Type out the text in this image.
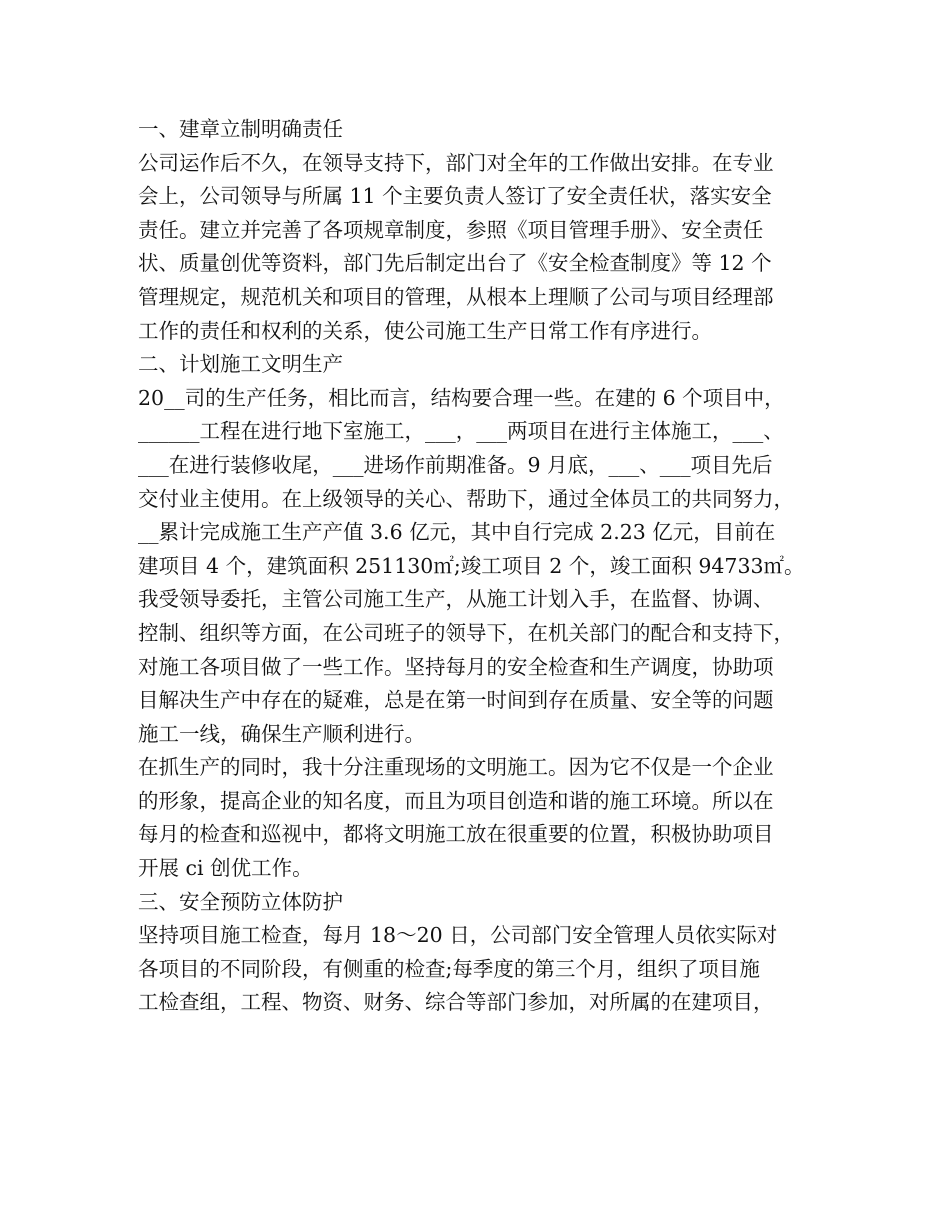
一、建章立制明确责任
公司运作后不久，在领导支持下，部门对全年的工作做出安排。在专业
会上，公司领导与所属 11 个主要负责人签订了安全责任状，落实安全
责任。建立并完善了各项规章制度，参照《项目管理手册》、安全责任
状、质量创优等资料，部门先后制定出台了《安全检查制度》等 12 个
管理规定，规范机关和项目的管理，从根本上理顺了公司与项目经理部
工作的责任和权利的关系，使公司施工生产日常工作有序进行。
二、计划施工文明生产
20__司的生产任务，相比而言，结构要合理一些。在建的 6 个项目中，
______工程在进行地下室施工，___，___两项目在进行主体施工，___、
___在进行装修收尾，___进场作前期准备。9 月底，___、___项目先后
交付业主使用。在上级领导的关心、帮助下，通过全体员工的共同努力，
__累计完成施工生产产值 3.6 亿元，其中自行完成 2.23 亿元，目前在
建项目 4 个，建筑面积 251130㎡;竣工项目 2 个，竣工面积 94733㎡。
我受领导委托，主管公司施工生产，从施工计划入手，在监督、协调、
控制、组织等方面，在公司班子的领导下，在机关部门的配合和支持下，
对施工各项目做了一些工作。坚持每月的安全检查和生产调度，协助项
目解决生产中存在的疑难，总是在第一时间到存在质量、安全等的问题
施工一线，确保生产顺利进行。
在抓生产的同时，我十分注重现场的文明施工。因为它不仅是一个企业
的形象，提高企业的知名度，而且为项目创造和谐的施工环境。所以在
每月的检查和巡视中，都将文明施工放在很重要的位置，积极协助项目
开展 ci 创优工作。
三、安全预防立体防护
坚持项目施工检查，每月 18～20 日，公司部门安全管理人员依实际对
各项目的不同阶段，有侧重的检查;每季度的第三个月，组织了项目施
工检查组，工程、物资、财务、综合等部门参加，对所属的在建项目，
